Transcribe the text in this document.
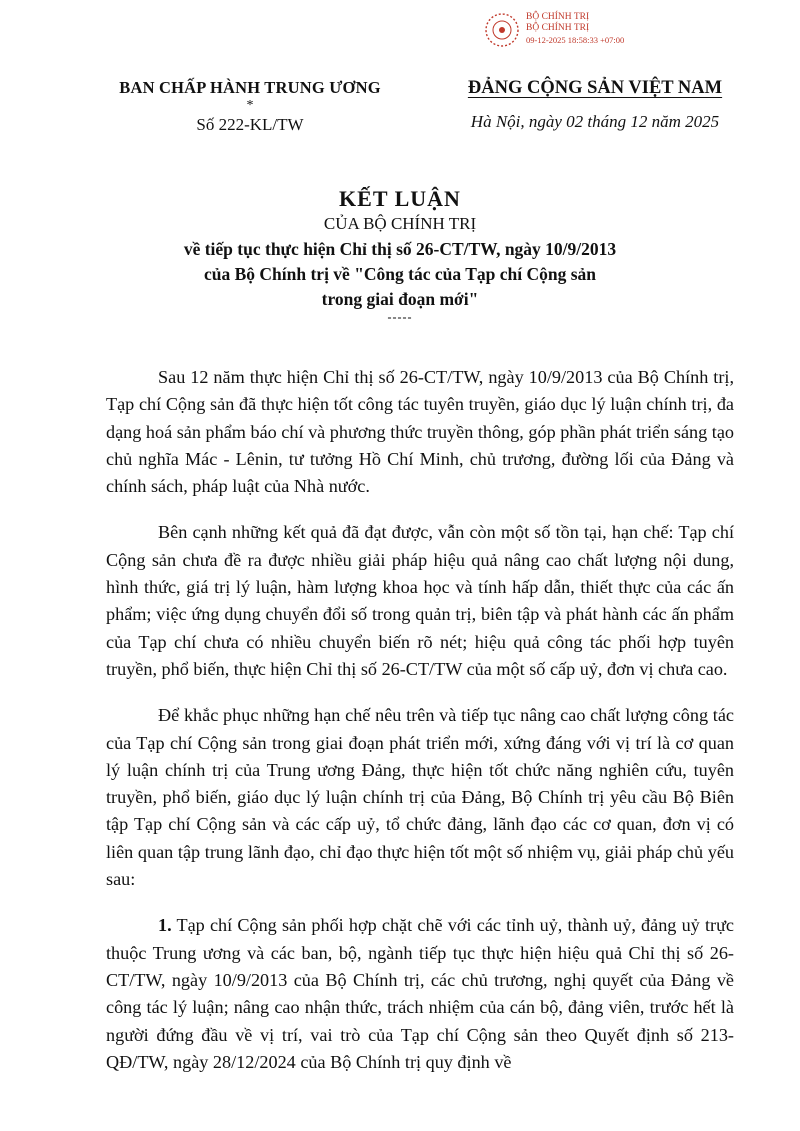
BỘ CHÍNH TRỊ
BỘ CHÍNH TRỊ
09-12-2025 18:58:33 +07:00
BAN CHẤP HÀNH TRUNG ƯƠNG
*
Số 222-KL/TW
ĐẢNG CỘNG SẢN VIỆT NAM
Hà Nội, ngày 02 tháng 12 năm 2025
KẾT LUẬN
CỦA BỘ CHÍNH TRỊ
về tiếp tục thực hiện Chỉ thị số 26-CT/TW, ngày 10/9/2013
của Bộ Chính trị về "Công tác của Tạp chí Cộng sản
trong giai đoạn mới"
-----

Sau 12 năm thực hiện Chỉ thị số 26-CT/TW, ngày 10/9/2013 của Bộ Chính trị, Tạp chí Cộng sản đã thực hiện tốt công tác tuyên truyền, giáo dục lý luận chính trị, đa dạng hoá sản phẩm báo chí và phương thức truyền thông, góp phần phát triển sáng tạo chủ nghĩa Mác - Lênin, tư tưởng Hồ Chí Minh, chủ trương, đường lối của Đảng và chính sách, pháp luật của Nhà nước.

Bên cạnh những kết quả đã đạt được, vẫn còn một số tồn tại, hạn chế: Tạp chí Cộng sản chưa đề ra được nhiều giải pháp hiệu quả nâng cao chất lượng nội dung, hình thức, giá trị lý luận, hàm lượng khoa học và tính hấp dẫn, thiết thực của các ấn phẩm; việc ứng dụng chuyển đổi số trong quản trị, biên tập và phát hành các ấn phẩm của Tạp chí chưa có nhiều chuyển biến rõ nét; hiệu quả công tác phối hợp tuyên truyền, phổ biến, thực hiện Chỉ thị số 26-CT/TW của một số cấp uỷ, đơn vị chưa cao.

Để khắc phục những hạn chế nêu trên và tiếp tục nâng cao chất lượng công tác của Tạp chí Cộng sản trong giai đoạn phát triển mới, xứng đáng với vị trí là cơ quan lý luận chính trị của Trung ương Đảng, thực hiện tốt chức năng nghiên cứu, tuyên truyền, phổ biến, giáo dục lý luận chính trị của Đảng, Bộ Chính trị yêu cầu Bộ Biên tập Tạp chí Cộng sản và các cấp uỷ, tổ chức đảng, lãnh đạo các cơ quan, đơn vị có liên quan tập trung lãnh đạo, chỉ đạo thực hiện tốt một số nhiệm vụ, giải pháp chủ yếu sau:

1. Tạp chí Cộng sản phối hợp chặt chẽ với các tỉnh uỷ, thành uỷ, đảng uỷ trực thuộc Trung ương và các ban, bộ, ngành tiếp tục thực hiện hiệu quả Chỉ thị số 26-CT/TW, ngày 10/9/2013 của Bộ Chính trị, các chủ trương, nghị quyết của Đảng về công tác lý luận; nâng cao nhận thức, trách nhiệm của cán bộ, đảng viên, trước hết là người đứng đầu về vị trí, vai trò của Tạp chí Cộng sản theo Quyết định số 213-QĐ/TW, ngày 28/12/2024 của Bộ Chính trị quy định về
